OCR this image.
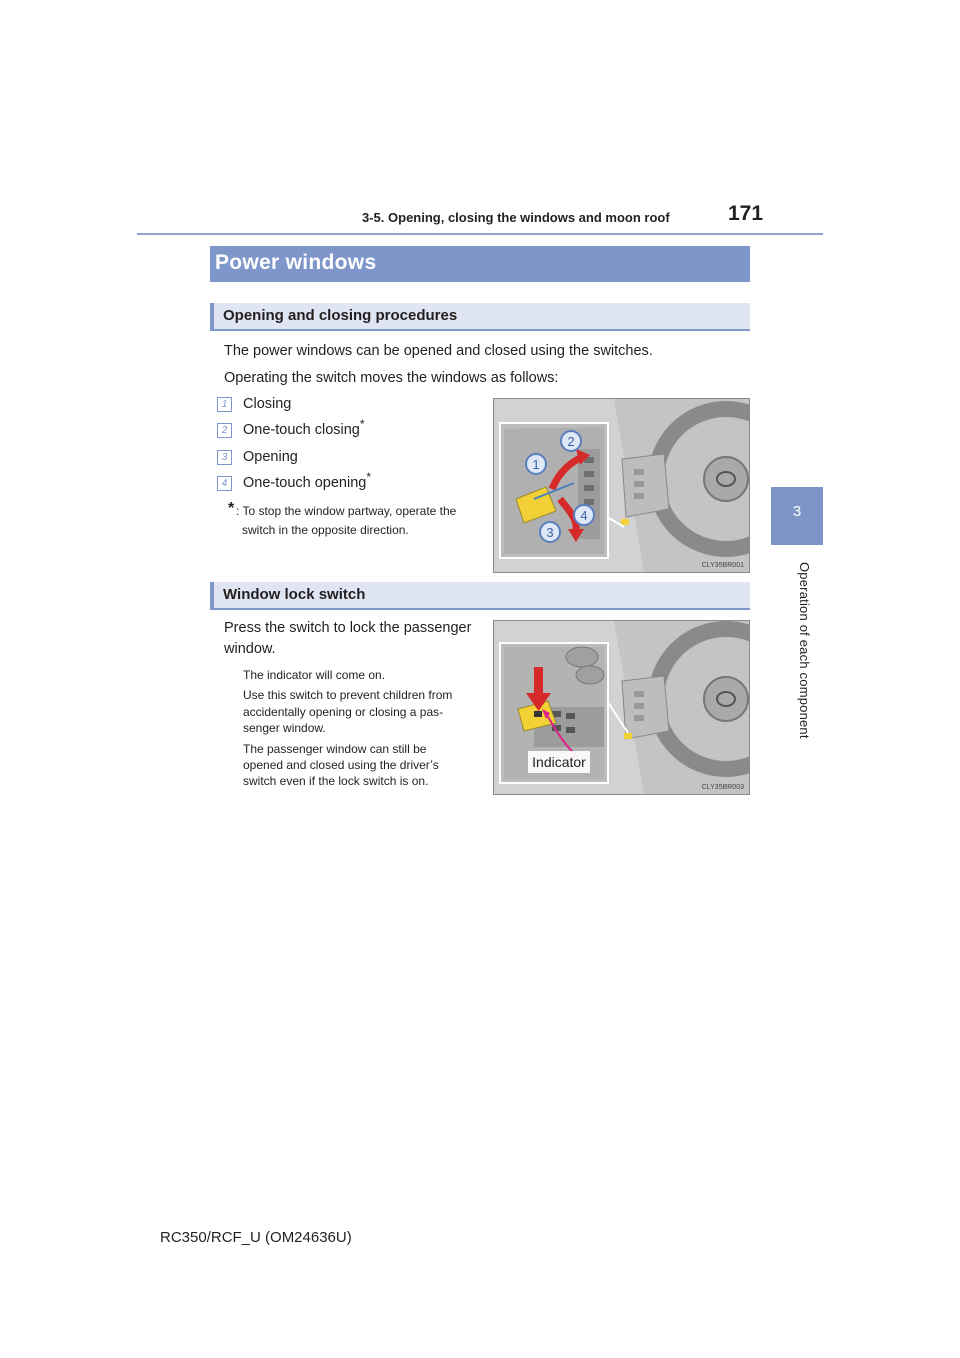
3-5. Opening, closing the windows and moon roof	171
3
Operation of each component
Power windows
Opening and closing procedures
The power windows can be opened and closed using the switches.
Operating the switch moves the windows as follows:
1	Closing
2	One-touch closing*
3	Opening
4	One-touch opening*
* : To stop the window partway, operate the
switch in the opposite direction.
1
2
3
4
CLY35BR001
Window lock switch
Press the switch to lock the passenger
window.
The indicator will come on.
Use this switch to prevent children from
accidentally opening or closing a pas-
senger window.
The passenger window can still be
opened and closed using the driver’s
switch even if the lock switch is on.
Indicator
CLY35BR003
RC350/RCF_U (OM24636U)
